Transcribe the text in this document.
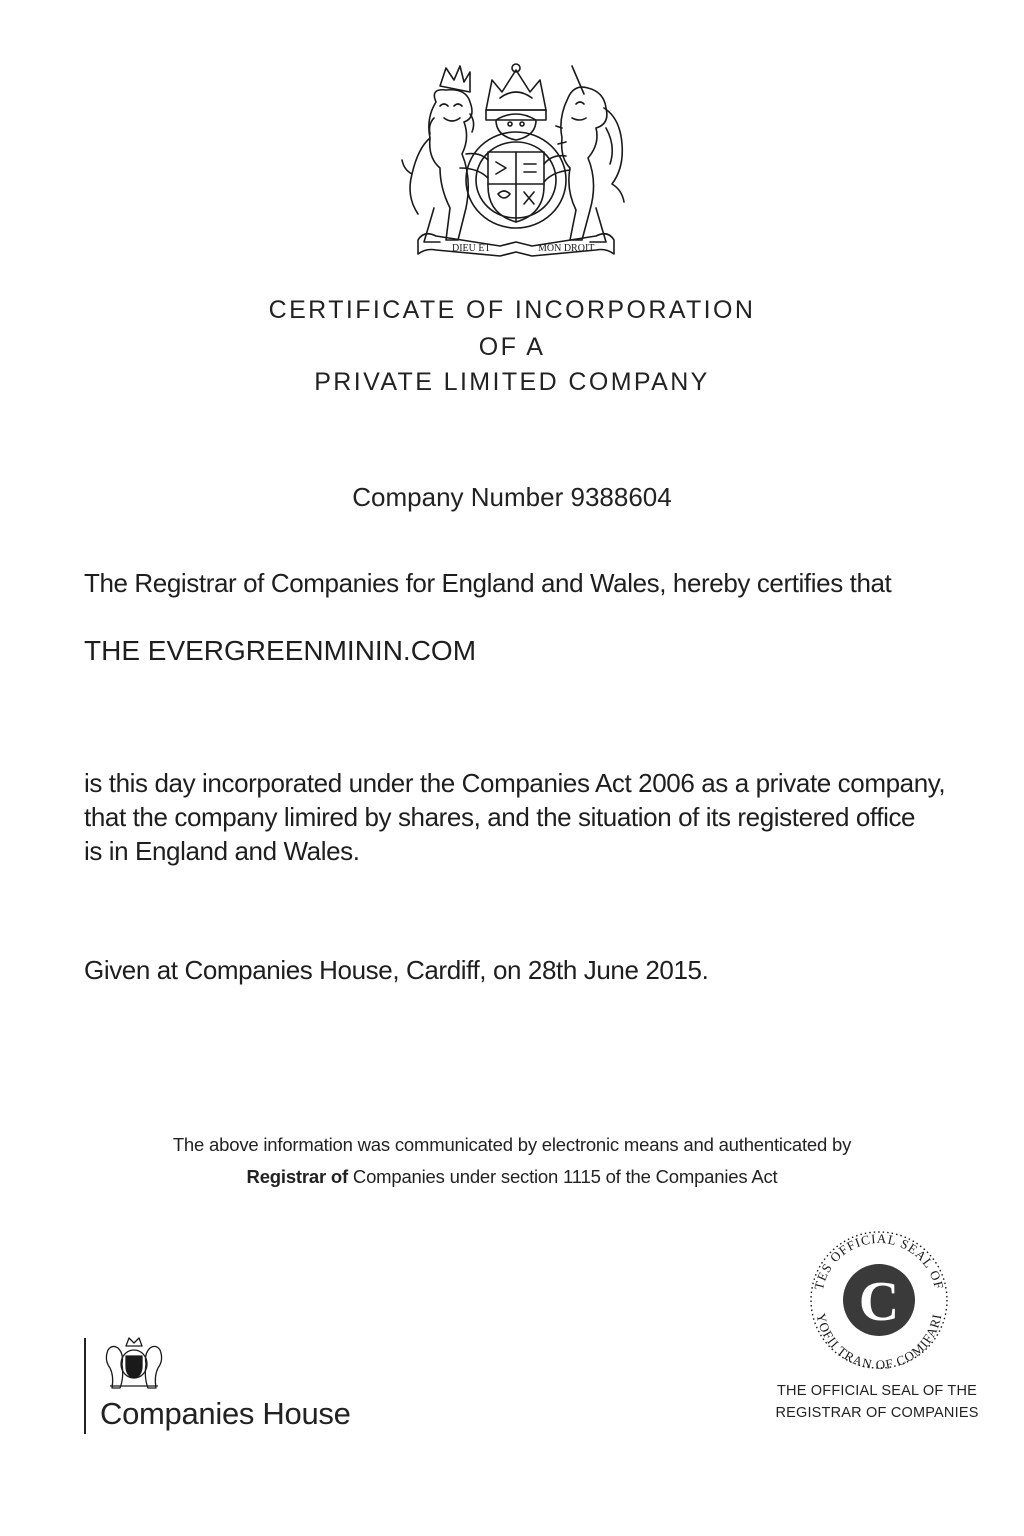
DIEU ET	MON DROIT
CERTIFICATE OF INCORPORATION
OF A
PRIVATE LIMITED COMPANY
Company Number 9388604
The Registrar of Companies for England and Wales, hereby certifies that
THE EVERGREENMININ.COM
is this day incorporated under the Companies Act 2006 as a private company,
that the company limired by shares, and the situation of its registered office
is in England and Wales.
Given at Companies House, Cardiff, on 28th June 2015.
The above information was communicated by electronic means and authenticated by
Registrar of Companies under section 1115 of the Companies Act
Companies House
C
TES OFFICIAL SEAL OF
YOFII TRAN OF COMIFARI
THE OFFICIAL SEAL OF THE
REGISTRAR OF COMPANIES
